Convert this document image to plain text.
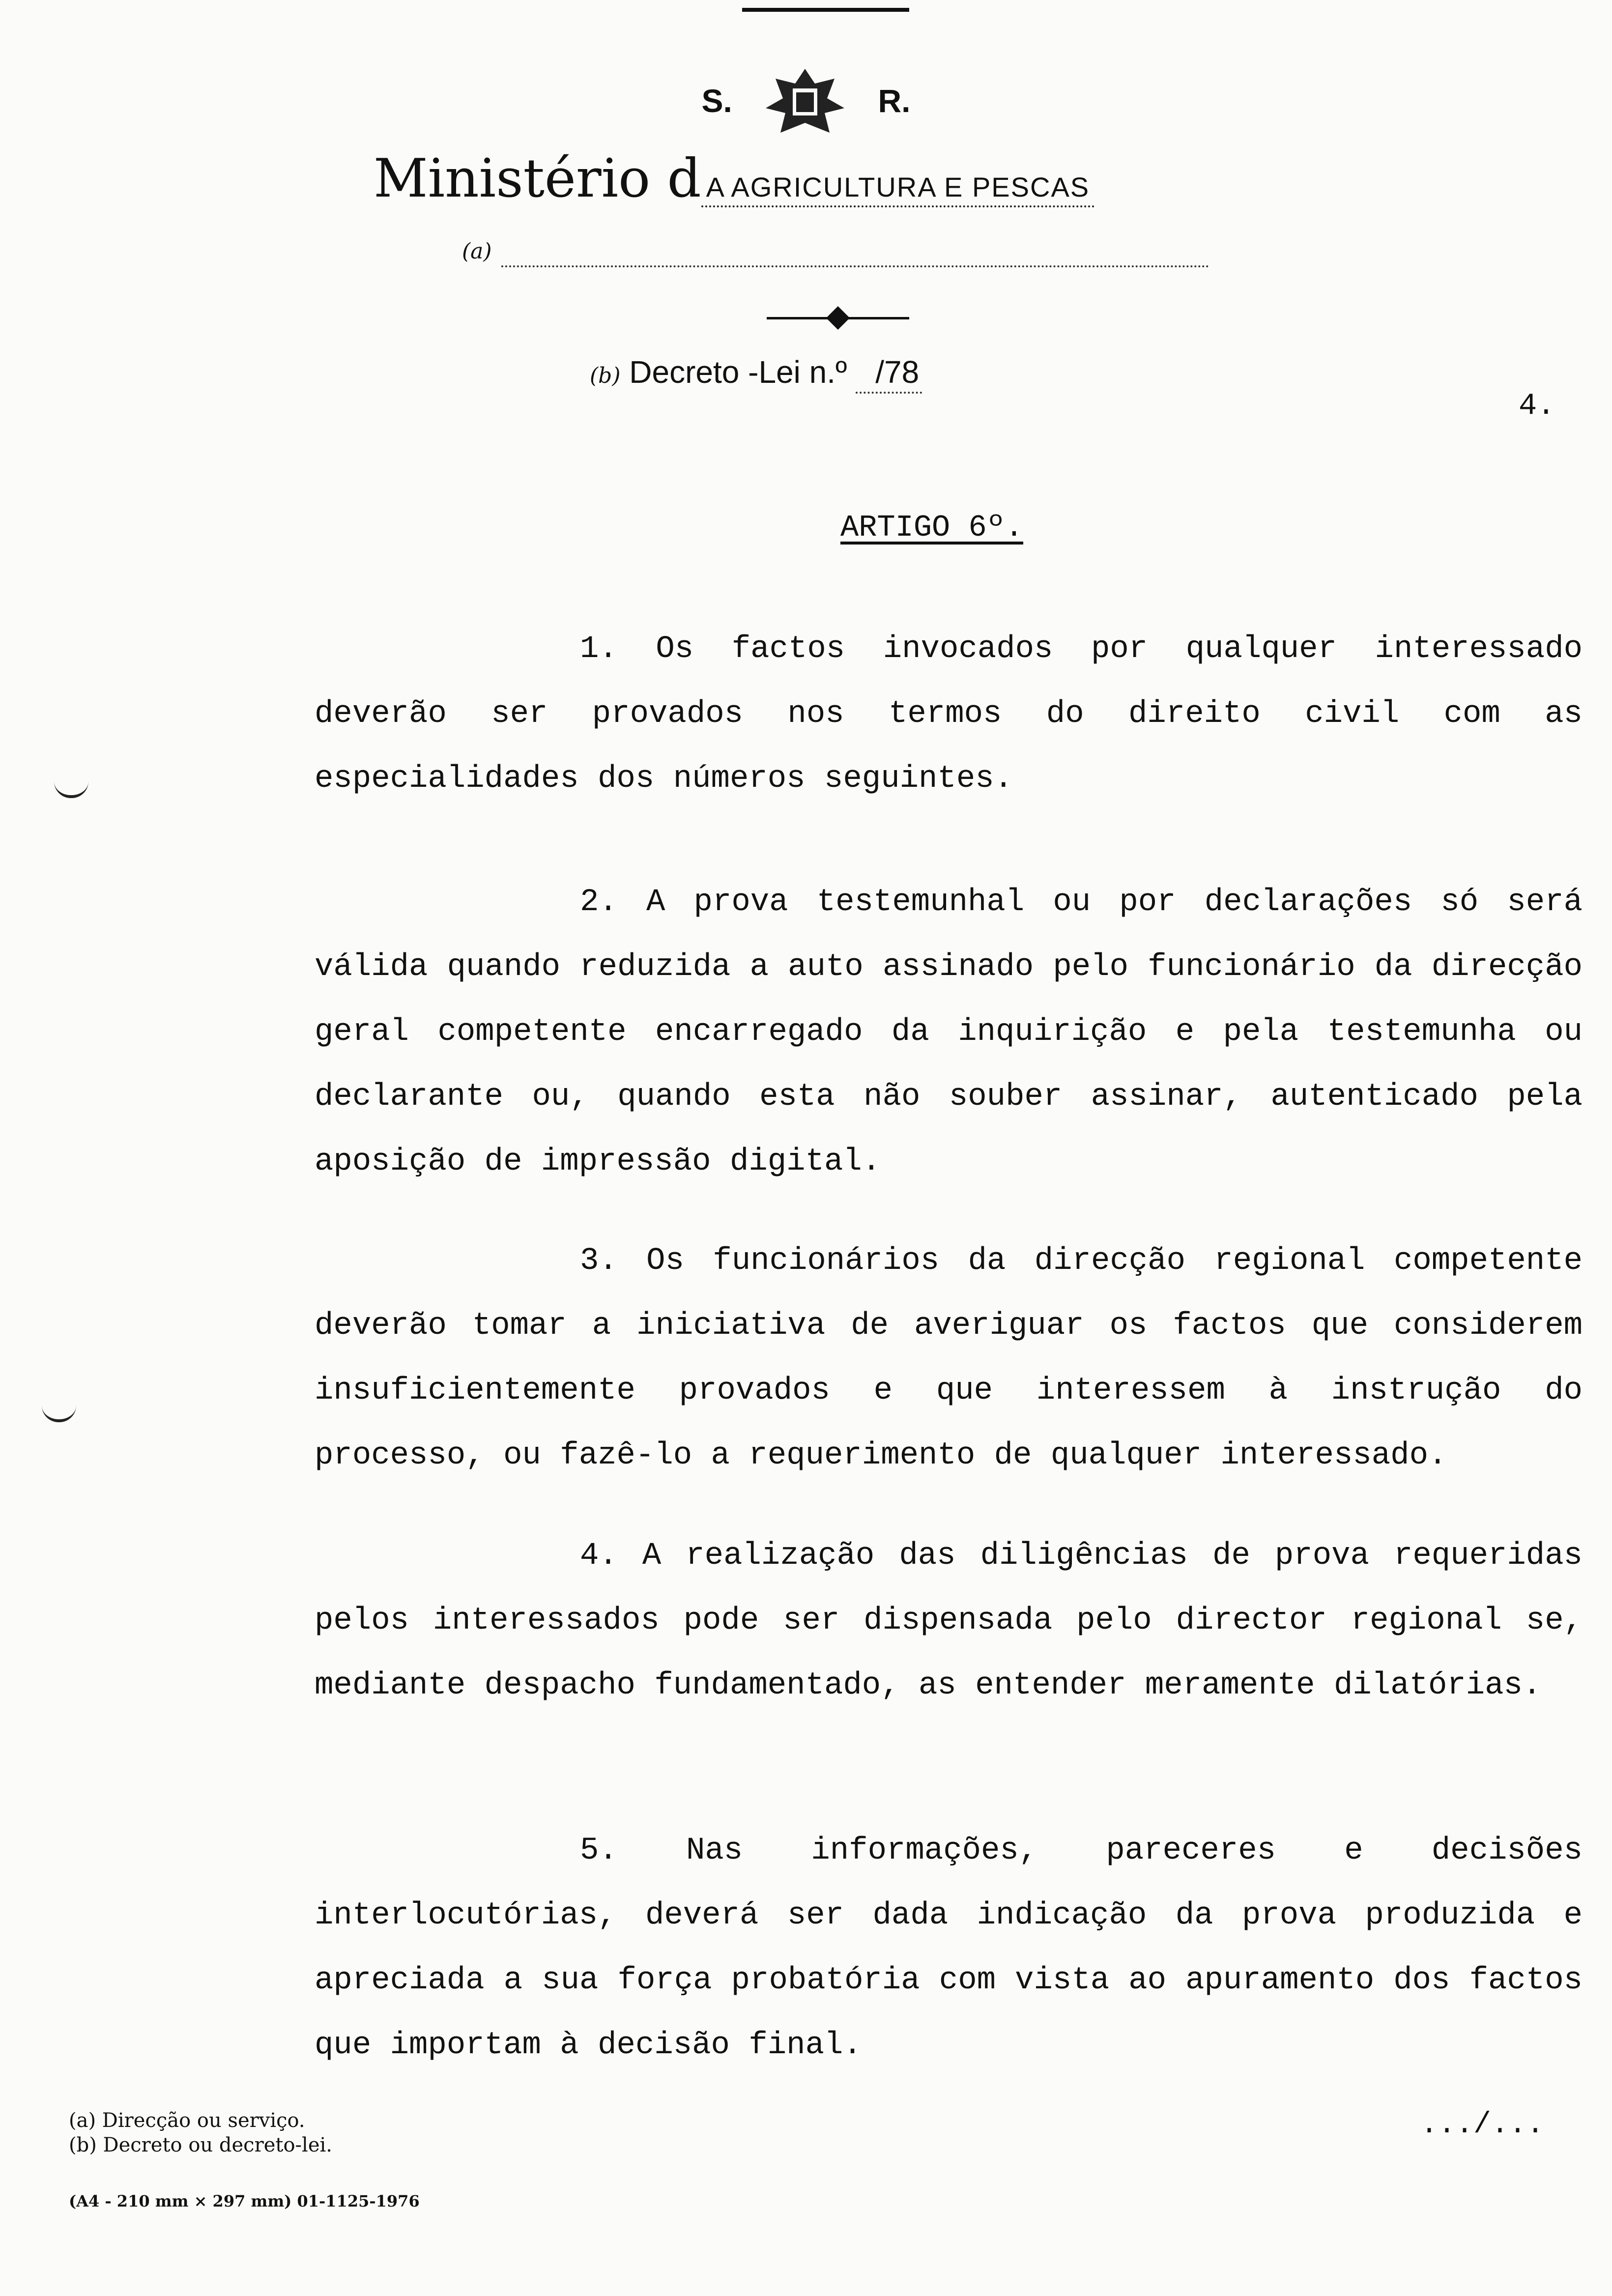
S.	R.
Ministério d A AGRICULTURA E PESCAS
(a)
(b) Decreto -Lei n.º /78
4.
ARTIGO 6º.
1. Os factos invocados por qualquer interessado deverão ser provados nos termos do direito civil com as especialidades dos números seguintes.
2. A prova testemunhal ou por declarações só será válida quando reduzida a auto assinado pelo funcionário da direcção geral competente encarregado da inquirição e pela testemunha ou declarante ou, quando esta não souber assinar, autenticado pela aposição de impressão digital.
3. Os funcionários da direcção regional competente deverão tomar a iniciativa de averiguar os factos que considerem insuficientemente provados e que interessem à instrução do processo, ou fazê-lo a requerimento de qualquer interessado.
4. A realização das diligências de prova requeridas pelos interessados pode ser dispensada pelo director regional se, mediante despacho fundamentado, as entender meramente dilatórias.
5. Nas informações, pareceres e decisões interlocutórias, deverá ser dada indicação da prova produzida e apreciada a sua força probatória com vista ao apuramento dos factos que importam à decisão final.
(a) Direcção ou serviço.
(b) Decreto ou decreto-lei.
(A4 - 210 mm × 297 mm) 01-1125-1976
.../...
